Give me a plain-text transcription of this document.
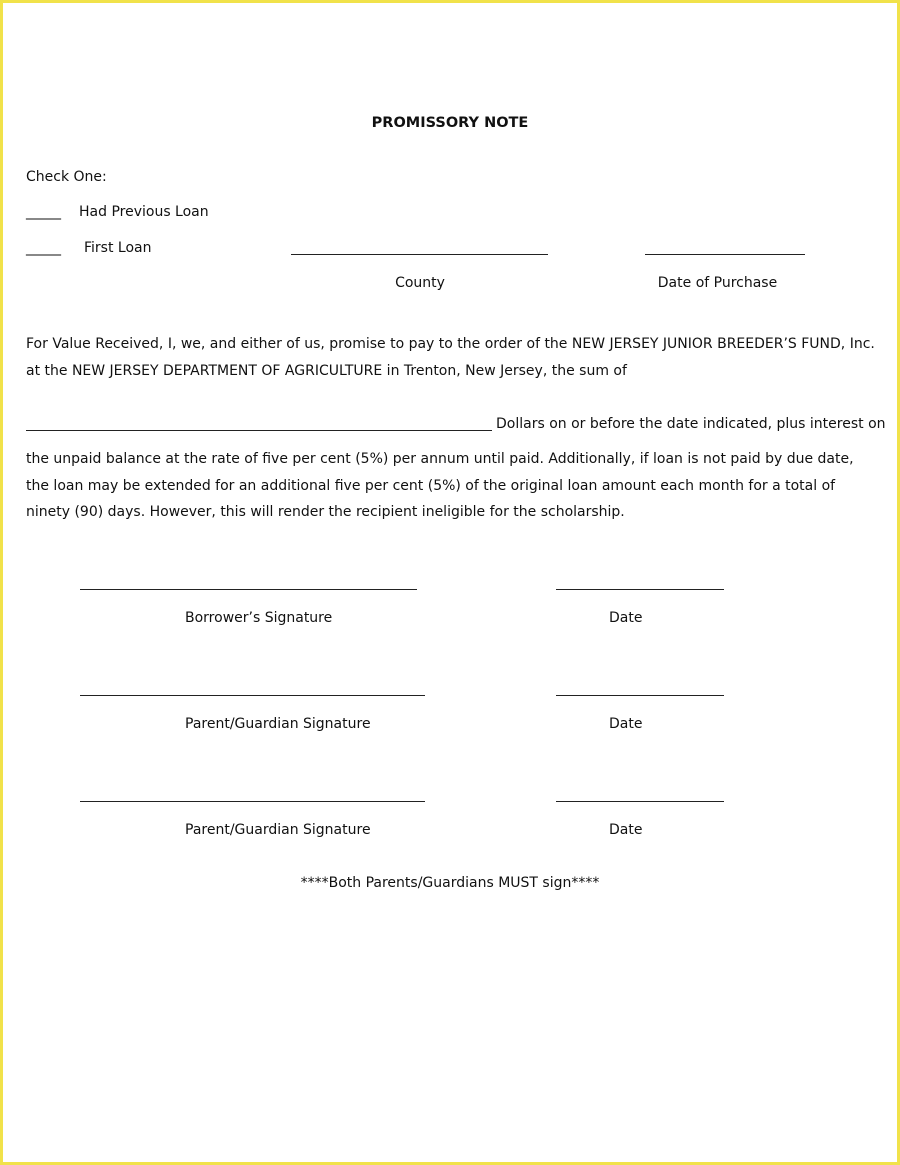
PROMISSORY NOTE
Check One:
_____ Had Previous Loan
_____ First Loan
County	Date of Purchase
For Value Received, I, we, and either of us, promise to pay to the order of the NEW JERSEY JUNIOR BREEDER’S FUND, Inc. at the NEW JERSEY DEPARTMENT OF AGRICULTURE in Trenton, New Jersey, the sum of
Dollars on or before the date indicated, plus interest on
the unpaid balance at the rate of five per cent (5%) per annum until paid. Additionally, if loan is not paid by due date, the loan may be extended for an additional five per cent (5%) of the original loan amount each month for a total of ninety (90) days. However, this will render the recipient ineligible for the scholarship.
Borrower’s Signature	Date
Parent/Guardian Signature	Date
Parent/Guardian Signature	Date
****Both Parents/Guardians MUST sign****
